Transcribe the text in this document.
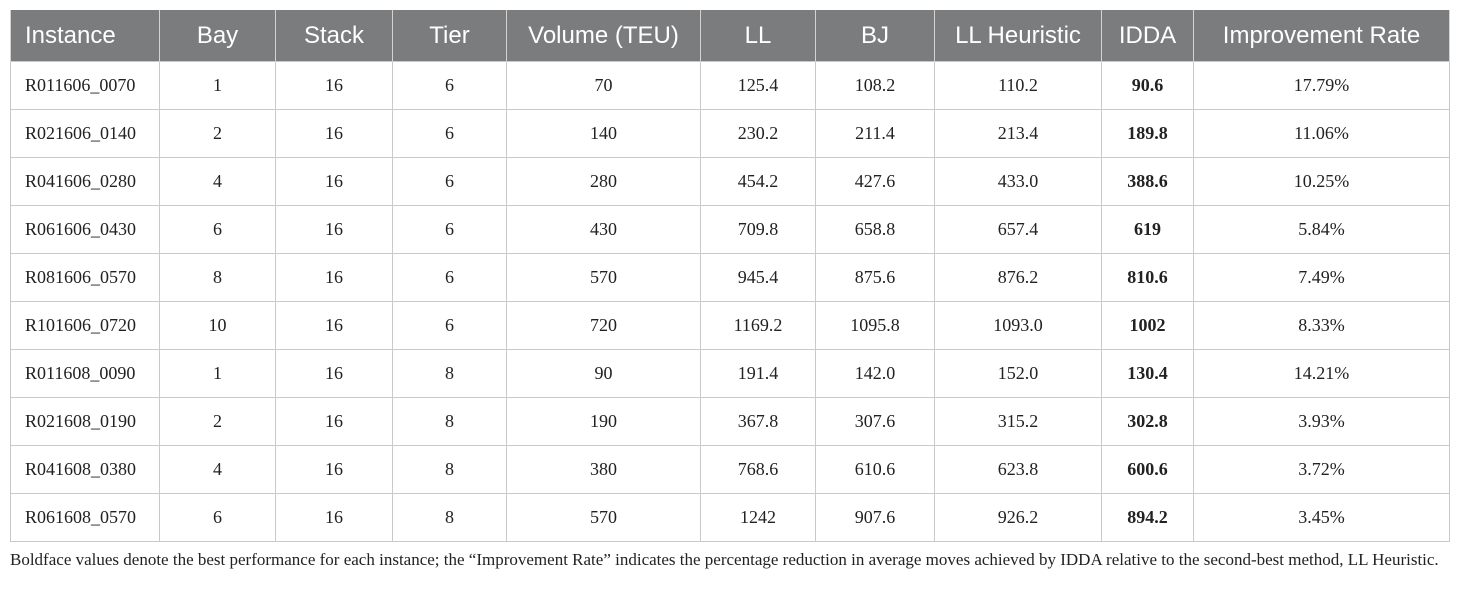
Instance	Bay	Stack	Tier	Volume (TEU)	LL	BJ	LL Heuristic	IDDA	Improvement Rate
R011606_0070	1	16	6	70	125.4	108.2	110.2	90.6	17.79%
R021606_0140	2	16	6	140	230.2	211.4	213.4	189.8	11.06%
R041606_0280	4	16	6	280	454.2	427.6	433.0	388.6	10.25%
R061606_0430	6	16	6	430	709.8	658.8	657.4	619	5.84%
R081606_0570	8	16	6	570	945.4	875.6	876.2	810.6	7.49%
R101606_0720	10	16	6	720	1169.2	1095.8	1093.0	1002	8.33%
R011608_0090	1	16	8	90	191.4	142.0	152.0	130.4	14.21%
R021608_0190	2	16	8	190	367.8	307.6	315.2	302.8	3.93%
R041608_0380	4	16	8	380	768.6	610.6	623.8	600.6	3.72%
R061608_0570	6	16	8	570	1242	907.6	926.2	894.2	3.45%
Boldface values denote the best performance for each instance; the “Improvement Rate” indicates the percentage reduction in average moves achieved by IDDA relative to the second-best method, LL Heuristic.
